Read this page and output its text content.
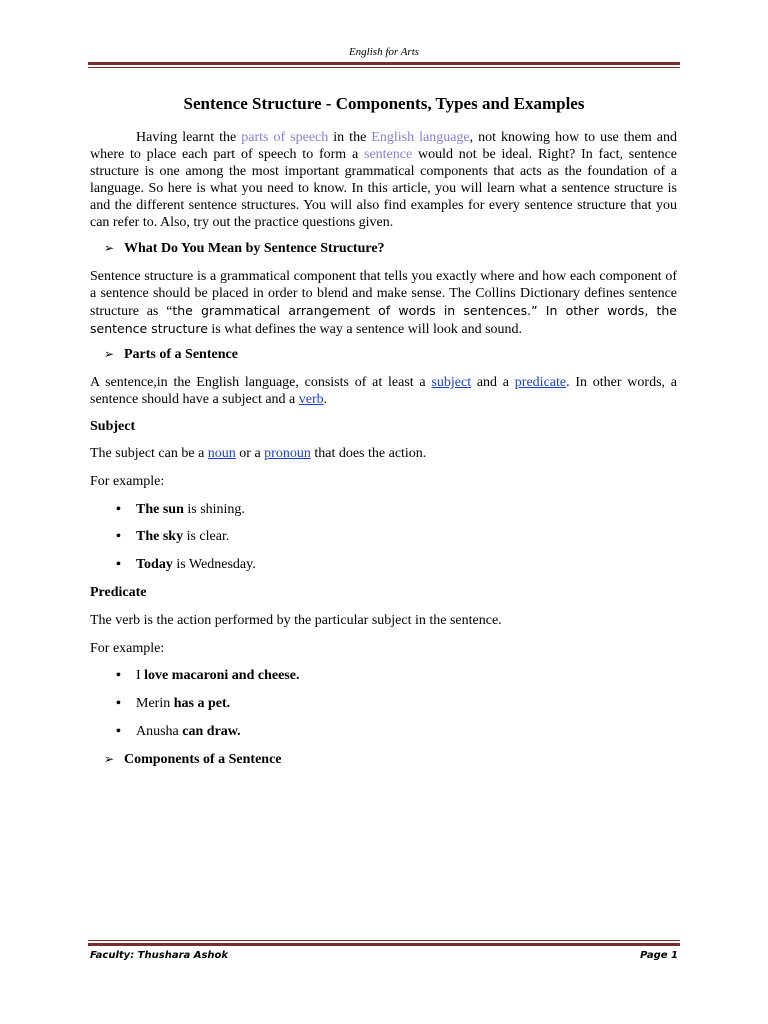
English for Arts
Sentence Structure - Components, Types and Examples

Having learnt the parts of speech in the English language, not knowing how to use them and where to place each part of speech to form a sentence would not be ideal. Right? In fact, sentence structure is one among the most important grammatical components that acts as the foundation of a language. So here is what you need to know. In this article, you will learn what a sentence structure is and the different sentence structures. You will also find examples for every sentence structure that you can refer to. Also, try out the practice questions given.

➢ What Do You Mean by Sentence Structure?

Sentence structure is a grammatical component that tells you exactly where and how each component of a sentence should be placed in order to blend and make sense. The Collins Dictionary defines sentence structure as “the grammatical arrangement of words in sentences.” In other words, the sentence structure is what defines the way a sentence will look and sound.

➢ Parts of a Sentence

A sentence,in the English language, consists of at least a subject and a predicate. In other words, a sentence should have a subject and a verb.

Subject
The subject can be a noun or a pronoun that does the action.
For example:
• The sun is shining.
• The sky is clear.
• Today is Wednesday.
Predicate
The verb is the action performed by the particular subject in the sentence.
For example:
• I love macaroni and cheese.
• Merin has a pet.
• Anusha can draw.
➢ Components of a Sentence
Faculty: Thushara Ashok	Page 1
